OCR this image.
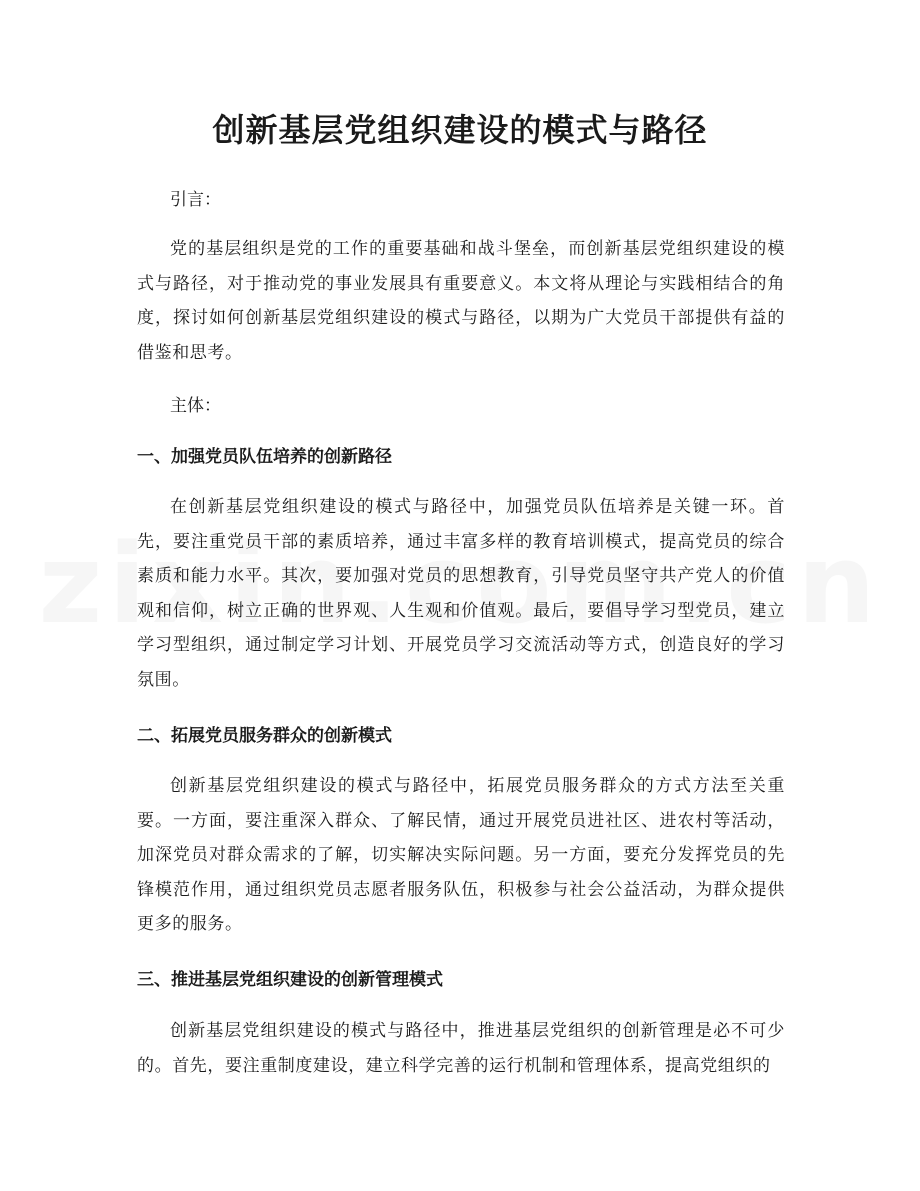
创新基层党组织建设的模式与路径

引言：

党的基层组织是党的工作的重要基础和战斗堡垒，而创新基层党组织建设的模式与路径，对于推动党的事业发展具有重要意义。本文将从理论与实践相结合的角度，探讨如何创新基层党组织建设的模式与路径，以期为广大党员干部提供有益的借鉴和思考。

主体：

一、加强党员队伍培养的创新路径

在创新基层党组织建设的模式与路径中，加强党员队伍培养是关键一环。首先，要注重党员干部的素质培养，通过丰富多样的教育培训模式，提高党员的综合素质和能力水平。其次，要加强对党员的思想教育，引导党员坚守共产党人的价值观和信仰，树立正确的世界观、人生观和价值观。最后，要倡导学习型党员，建立学习型组织，通过制定学习计划、开展党员学习交流活动等方式，创造良好的学习氛围。

二、拓展党员服务群众的创新模式

创新基层党组织建设的模式与路径中，拓展党员服务群众的方式方法至关重要。一方面，要注重深入群众、了解民情，通过开展党员进社区、进农村等活动，加深党员对群众需求的了解，切实解决实际问题。另一方面，要充分发挥党员的先锋模范作用，通过组织党员志愿者服务队伍，积极参与社会公益活动，为群众提供更多的服务。

三、推进基层党组织建设的创新管理模式

创新基层党组织建设的模式与路径中，推进基层党组织的创新管理是必不可少的。首先，要注重制度建设，建立科学完善的运行机制和管理体系，提高党组织的
